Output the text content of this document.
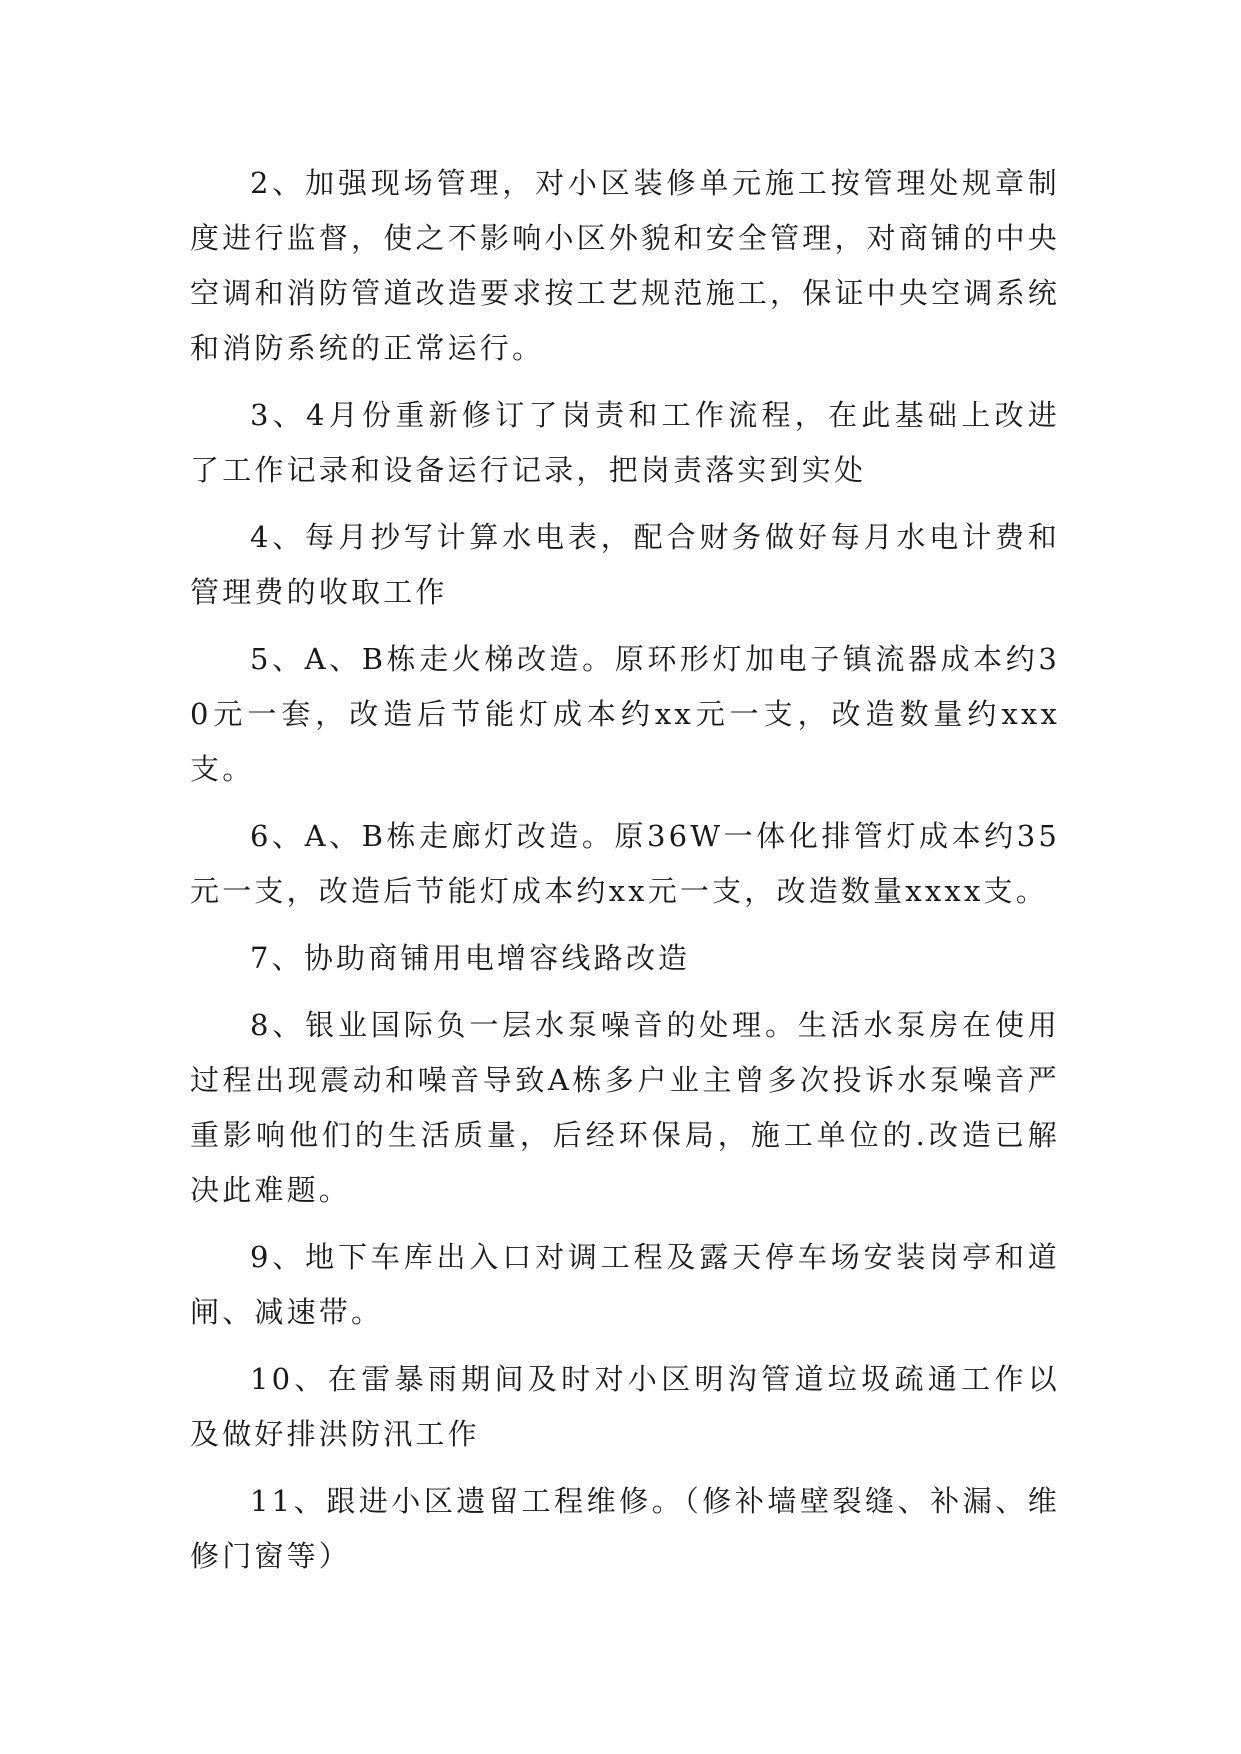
2、加强现场管理，对小区装修单元施工按管理处规章制度进行监督，使之不影响小区外貌和安全管理，对商铺的中央空调和消防管道改造要求按工艺规范施工，保证中央空调系统和消防系统的正常运行。

3、4月份重新修订了岗责和工作流程，在此基础上改进了工作记录和设备运行记录，把岗责落实到实处

4、每月抄写计算水电表，配合财务做好每月水电计费和管理费的收取工作

5、A、B栋走火梯改造。原环形灯加电子镇流器成本约30元一套，改造后节能灯成本约xx元一支，改造数量约xxx支。

6、A、B栋走廊灯改造。原36W一体化排管灯成本约35元一支，改造后节能灯成本约xx元一支，改造数量xxxx支。

7、协助商铺用电增容线路改造

8、银业国际负一层水泵噪音的处理。生活水泵房在使用过程出现震动和噪音导致A栋多户业主曾多次投诉水泵噪音严重影响他们的生活质量，后经环保局，施工单位的.改造已解决此难题。

9、地下车库出入口对调工程及露天停车场安装岗亭和道闸、减速带。

10、在雷暴雨期间及时对小区明沟管道垃圾疏通工作以及做好排洪防汛工作

11、跟进小区遗留工程维修。（修补墙壁裂缝、补漏、维修门窗等）
